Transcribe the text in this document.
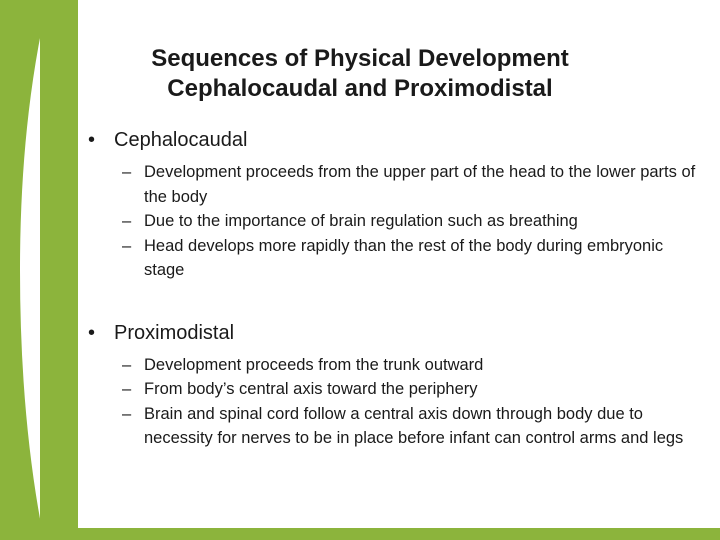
Sequences of Physical Development
Cephalocaudal and Proximodistal
• Cephalocaudal
– Development proceeds from the upper part of the head to the lower parts of the body
– Due to the importance of brain regulation such as breathing
– Head develops more rapidly than the rest of the body during embryonic stage
• Proximodistal
– Development proceeds from the trunk outward
– From body’s central axis toward the periphery
– Brain and spinal cord follow a central axis down through body due to necessity for nerves to be in place before infant can control arms and legs
